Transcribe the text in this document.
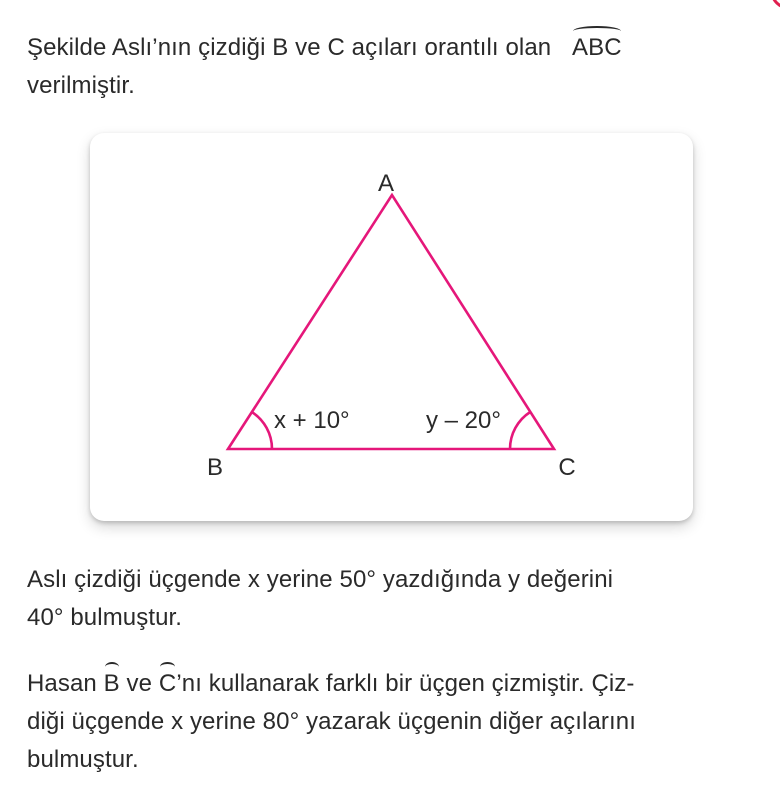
Şekilde Aslı’nın çizdiği B ve C açıları orantılı olan ABC
verilmiştir.
A
B	C
x + 10°	y – 20°
Aslı çizdiği üçgende x yerine 50° yazdığında y değerini
40° bulmuştur.
Hasan B ve C’nı kullanarak farklı bir üçgen çizmiştir. Çiz-
diği üçgende x yerine 80° yazarak üçgenin diğer açılarını
bulmuştur.
